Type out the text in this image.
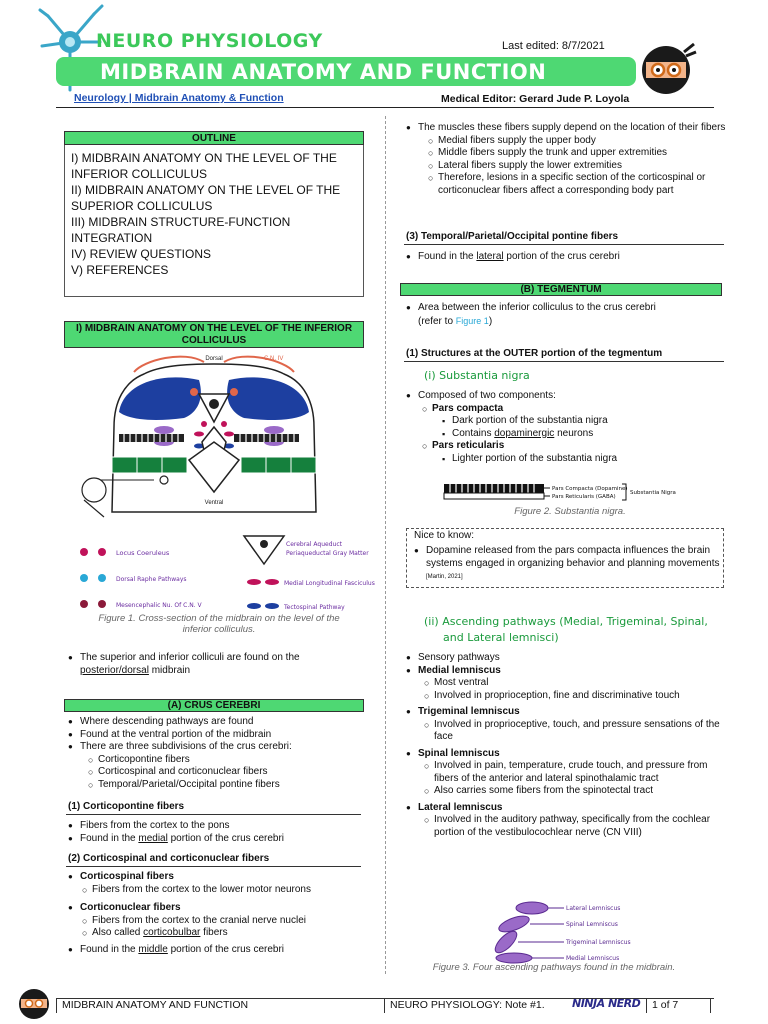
NEURO PHYSIOLOGY	Last edited: 8/7/2021
MIDBRAIN ANATOMY AND FUNCTION
Neurology | Midbrain Anatomy & Function	Medical Editor: Gerard Jude P. Loyola
OUTLINE
I) MIDBRAIN ANATOMY ON THE LEVEL OF THE INFERIOR COLLICULUS
II) MIDBRAIN ANATOMY ON THE LEVEL OF THE SUPERIOR COLLICULUS
III) MIDBRAIN STRUCTURE-FUNCTION INTEGRATION
IV) REVIEW QUESTIONS
V) REFERENCES
I) MIDBRAIN ANATOMY ON THE LEVEL OF THE INFERIOR COLLICULUS
Dorsal	C.N. IV
Ventral
Locus Coeruleus
Dorsal Raphe Pathways
Mesencephalic Nu. Of C.N. V
Cerebral Aqueduct
Periaqueductal Gray Matter
Medial Longitudinal Fasciculus
Tectospinal Pathway
Figure 1. Cross-section of the midbrain on the level of the inferior colliculus.
● The superior and inferior colliculi are found on the posterior/dorsal midbrain
(A) CRUS CEREBRI
● Where descending pathways are found
● Found at the ventral portion of the midbrain
● There are three subdivisions of the crus cerebri:
○ Corticopontine fibers
○ Corticospinal and corticonuclear fibers
○ Temporal/Parietal/Occipital pontine fibers
(1) Corticopontine fibers
● Fibers from the cortex to the pons
● Found in the medial portion of the crus cerebri
(2) Corticospinal and corticonuclear fibers
● Corticospinal fibers
○ Fibers from the cortex to the lower motor neurons
● Corticonuclear fibers
○ Fibers from the cortex to the cranial nerve nuclei
○ Also called corticobulbar fibers
● Found in the middle portion of the crus cerebri
● The muscles these fibers supply depend on the location of their fibers
○ Medial fibers supply the upper body
○ Middle fibers supply the trunk and upper extremities
○ Lateral fibers supply the lower extremities
○ Therefore, lesions in a specific section of the corticospinal or corticonuclear fibers affect a corresponding body part
(3) Temporal/Parietal/Occipital pontine fibers
● Found in the lateral portion of the crus cerebri
(B) TEGMENTUM
● Area between the inferior colliculus to the crus cerebri
(refer to Figure 1)
(1) Structures at the OUTER portion of the tegmentum
(i) Substantia nigra
● Composed of two components:
○ Pars compacta
▪ Dark portion of the substantia nigra
▪ Contains dopaminergic neurons
○ Pars reticularis
▪ Lighter portion of the substantia nigra
Pars Compacta (Dopamine)
Pars Reticularis (GABA)
Substantia Nigra
Figure 2. Substantia nigra.
Nice to know:
● Dopamine released from the pars compacta influences the brain systems engaged in organizing behavior and planning movements [Martin, 2021]
(ii) Ascending pathways (Medial, Trigeminal, Spinal,
and Lateral lemnisci)
● Sensory pathways
● Medial lemniscus
○ Most ventral
○ Involved in proprioception, fine and discriminative touch
● Trigeminal lemniscus
○ Involved in proprioceptive, touch, and pressure sensations of the face
● Spinal lemniscus
○ Involved in pain, temperature, crude touch, and pressure from fibers of the anterior and lateral spinothalamic tract
○ Also carries some fibers from the spinotectal tract
● Lateral lemniscus
○ Involved in the auditory pathway, specifically from the cochlear portion of the vestibulocochlear nerve (CN VIII)
Lateral Lemniscus
Spinal Lemniscus
Trigeminal Lemniscus
Medial Lemniscus
Figure 3. Four ascending pathways found in the midbrain.
MIDBRAIN ANATOMY AND FUNCTION	NEURO PHYSIOLOGY: Note #1. NINJA NERD 1 of 7
